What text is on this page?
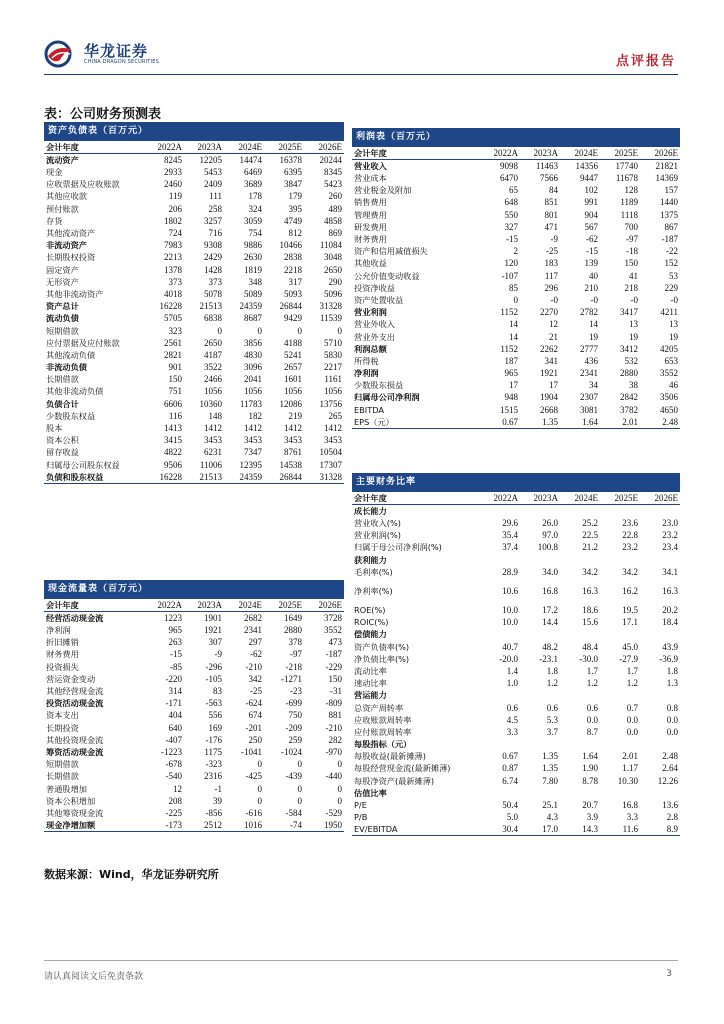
华龙证券
CHINA DRAGON SECURITIES	点评报告
表：公司财务预测表
资产负债表（百万元）
会计年度	2022A	2023A	2024E	2025E	2026E
流动资产	8245	12205	14474	16378	20244
现金	2933	5453	6469	6395	8345
应收票据及应收账款	2460	2409	3689	3847	5423
其他应收款	119	111	178	179	260
预付账款	206	258	324	395	489
存货	1802	3257	3059	4749	4858
其他流动资产	724	716	754	812	869
非流动资产	7983	9308	9886	10466	11084
长期股权投资	2213	2429	2630	2838	3048
固定资产	1378	1428	1819	2218	2650
无形资产	373	373	348	317	290
其他非流动资产	4018	5078	5089	5093	5096
资产总计	16228	21513	24359	26844	31328
流动负债	5705	6838	8687	9429	11539
短期借款	323	0	0	0	0
应付票据及应付账款	2561	2650	3856	4188	5710
其他流动负债	2821	4187	4830	5241	5830
非流动负债	901	3522	3096	2657	2217
长期借款	150	2466	2041	1601	1161
其他非流动负债	751	1056	1056	1056	1056
负债合计	6606	10360	11783	12086	13756
少数股东权益	116	148	182	219	265
股本	1413	1412	1412	1412	1412
资本公积	3415	3453	3453	3453	3453
留存收益	4822	6231	7347	8761	10504
归属母公司股东权益	9506	11006	12395	14538	17307
负债和股东权益	16228	21513	24359	26844	31328
利润表（百万元）
会计年度	2022A	2023A	2024E	2025E	2026E
营业收入	9098	11463	14356	17740	21821
营业成本	6470	7566	9447	11678	14369
营业税金及附加	65	84	102	128	157
销售费用	648	851	991	1189	1440
管理费用	550	801	904	1118	1375
研发费用	327	471	567	700	867
财务费用	-15	-9	-62	-97	-187
资产和信用减值损失	2	-25	-15	-18	-22
其他收益	120	183	139	150	152
公允价值变动收益	-107	117	40	41	53
投资净收益	85	296	210	218	229
资产处置收益	0	-0	-0	-0	-0
营业利润	1152	2270	2782	3417	4211
营业外收入	14	12	14	13	13
营业外支出	14	21	19	19	19
利润总额	1152	2262	2777	3412	4205
所得税	187	341	436	532	653
净利润	965	1921	2341	2880	3552
少数股东损益	17	17	34	38	46
归属母公司净利润	948	1904	2307	2842	3506
EBITDA	1515	2668	3081	3782	4650
EPS（元）	0.67	1.35	1.64	2.01	2.48
主要财务比率
会计年度	2022A	2023A	2024E	2025E	2026E
成长能力					
营业收入(%)	29.6	26.0	25.2	23.6	23.0
营业利润(%)	35.4	97.0	22.5	22.8	23.2
归属于母公司净利润(%)	37.4	100.8	21.2	23.2	23.4
获利能力					
毛利率(%)	28.9	34.0	34.2	34.2	34.1
净利率(%)	10.6	16.8	16.3	16.2	16.3
ROE(%)	10.0	17.2	18.6	19.5	20.2
ROIC(%)	10.0	14.4	15.6	17.1	18.4
偿债能力					
资产负债率(%)	40.7	48.2	48.4	45.0	43.9
净负债比率(%)	-20.0	-23.1	-30.0	-27.9	-36.9
流动比率	1.4	1.8	1.7	1.7	1.8
速动比率	1.0	1.2	1.2	1.2	1.3
营运能力					
总资产周转率	0.6	0.6	0.6	0.7	0.8
应收账款周转率	4.5	5.3	0.0	0.0	0.0
应付账款周转率	3.3	3.7	8.7	0.0	0.0
每股指标（元）					
每股收益(最新摊薄)	0.67	1.35	1.64	2.01	2.48
每股经营现金流(最新摊薄)	0.87	1.35	1.90	1.17	2.64
每股净资产(最新摊薄)	6.74	7.80	8.78	10.30	12.26
估值比率					
P/E	50.4	25.1	20.7	16.8	13.6
P/B	5.0	4.3	3.9	3.3	2.8
EV/EBITDA	30.4	17.0	14.3	11.6	8.9
现金流量表（百万元）
会计年度	2022A	2023A	2024E	2025E	2026E
经营活动现金流	1223	1901	2682	1649	3728
净利润	965	1921	2341	2880	3552
折旧摊销	263	307	297	378	473
财务费用	-15	-9	-62	-97	-187
投资损失	-85	-296	-210	-218	-229
营运资金变动	-220	-105	342	-1271	150
其他经营现金流	314	83	-25	-23	-31
投资活动现金流	-171	-563	-624	-699	-809
资本支出	404	556	674	750	881
长期投资	640	169	-201	-209	-210
其他投资现金流	-407	-176	250	259	282
筹资活动现金流	-1223	1175	-1041	-1024	-970
短期借款	-678	-323	0	0	0
长期借款	-540	2316	-425	-439	-440
普通股增加	12	-1	0	0	0
资本公积增加	208	39	0	0	0
其他筹资现金流	-225	-856	-616	-584	-529
现金净增加额	-173	2512	1016	-74	1950
数据来源：Wind，华龙证券研究所
请认真阅读文后免责条款	3
